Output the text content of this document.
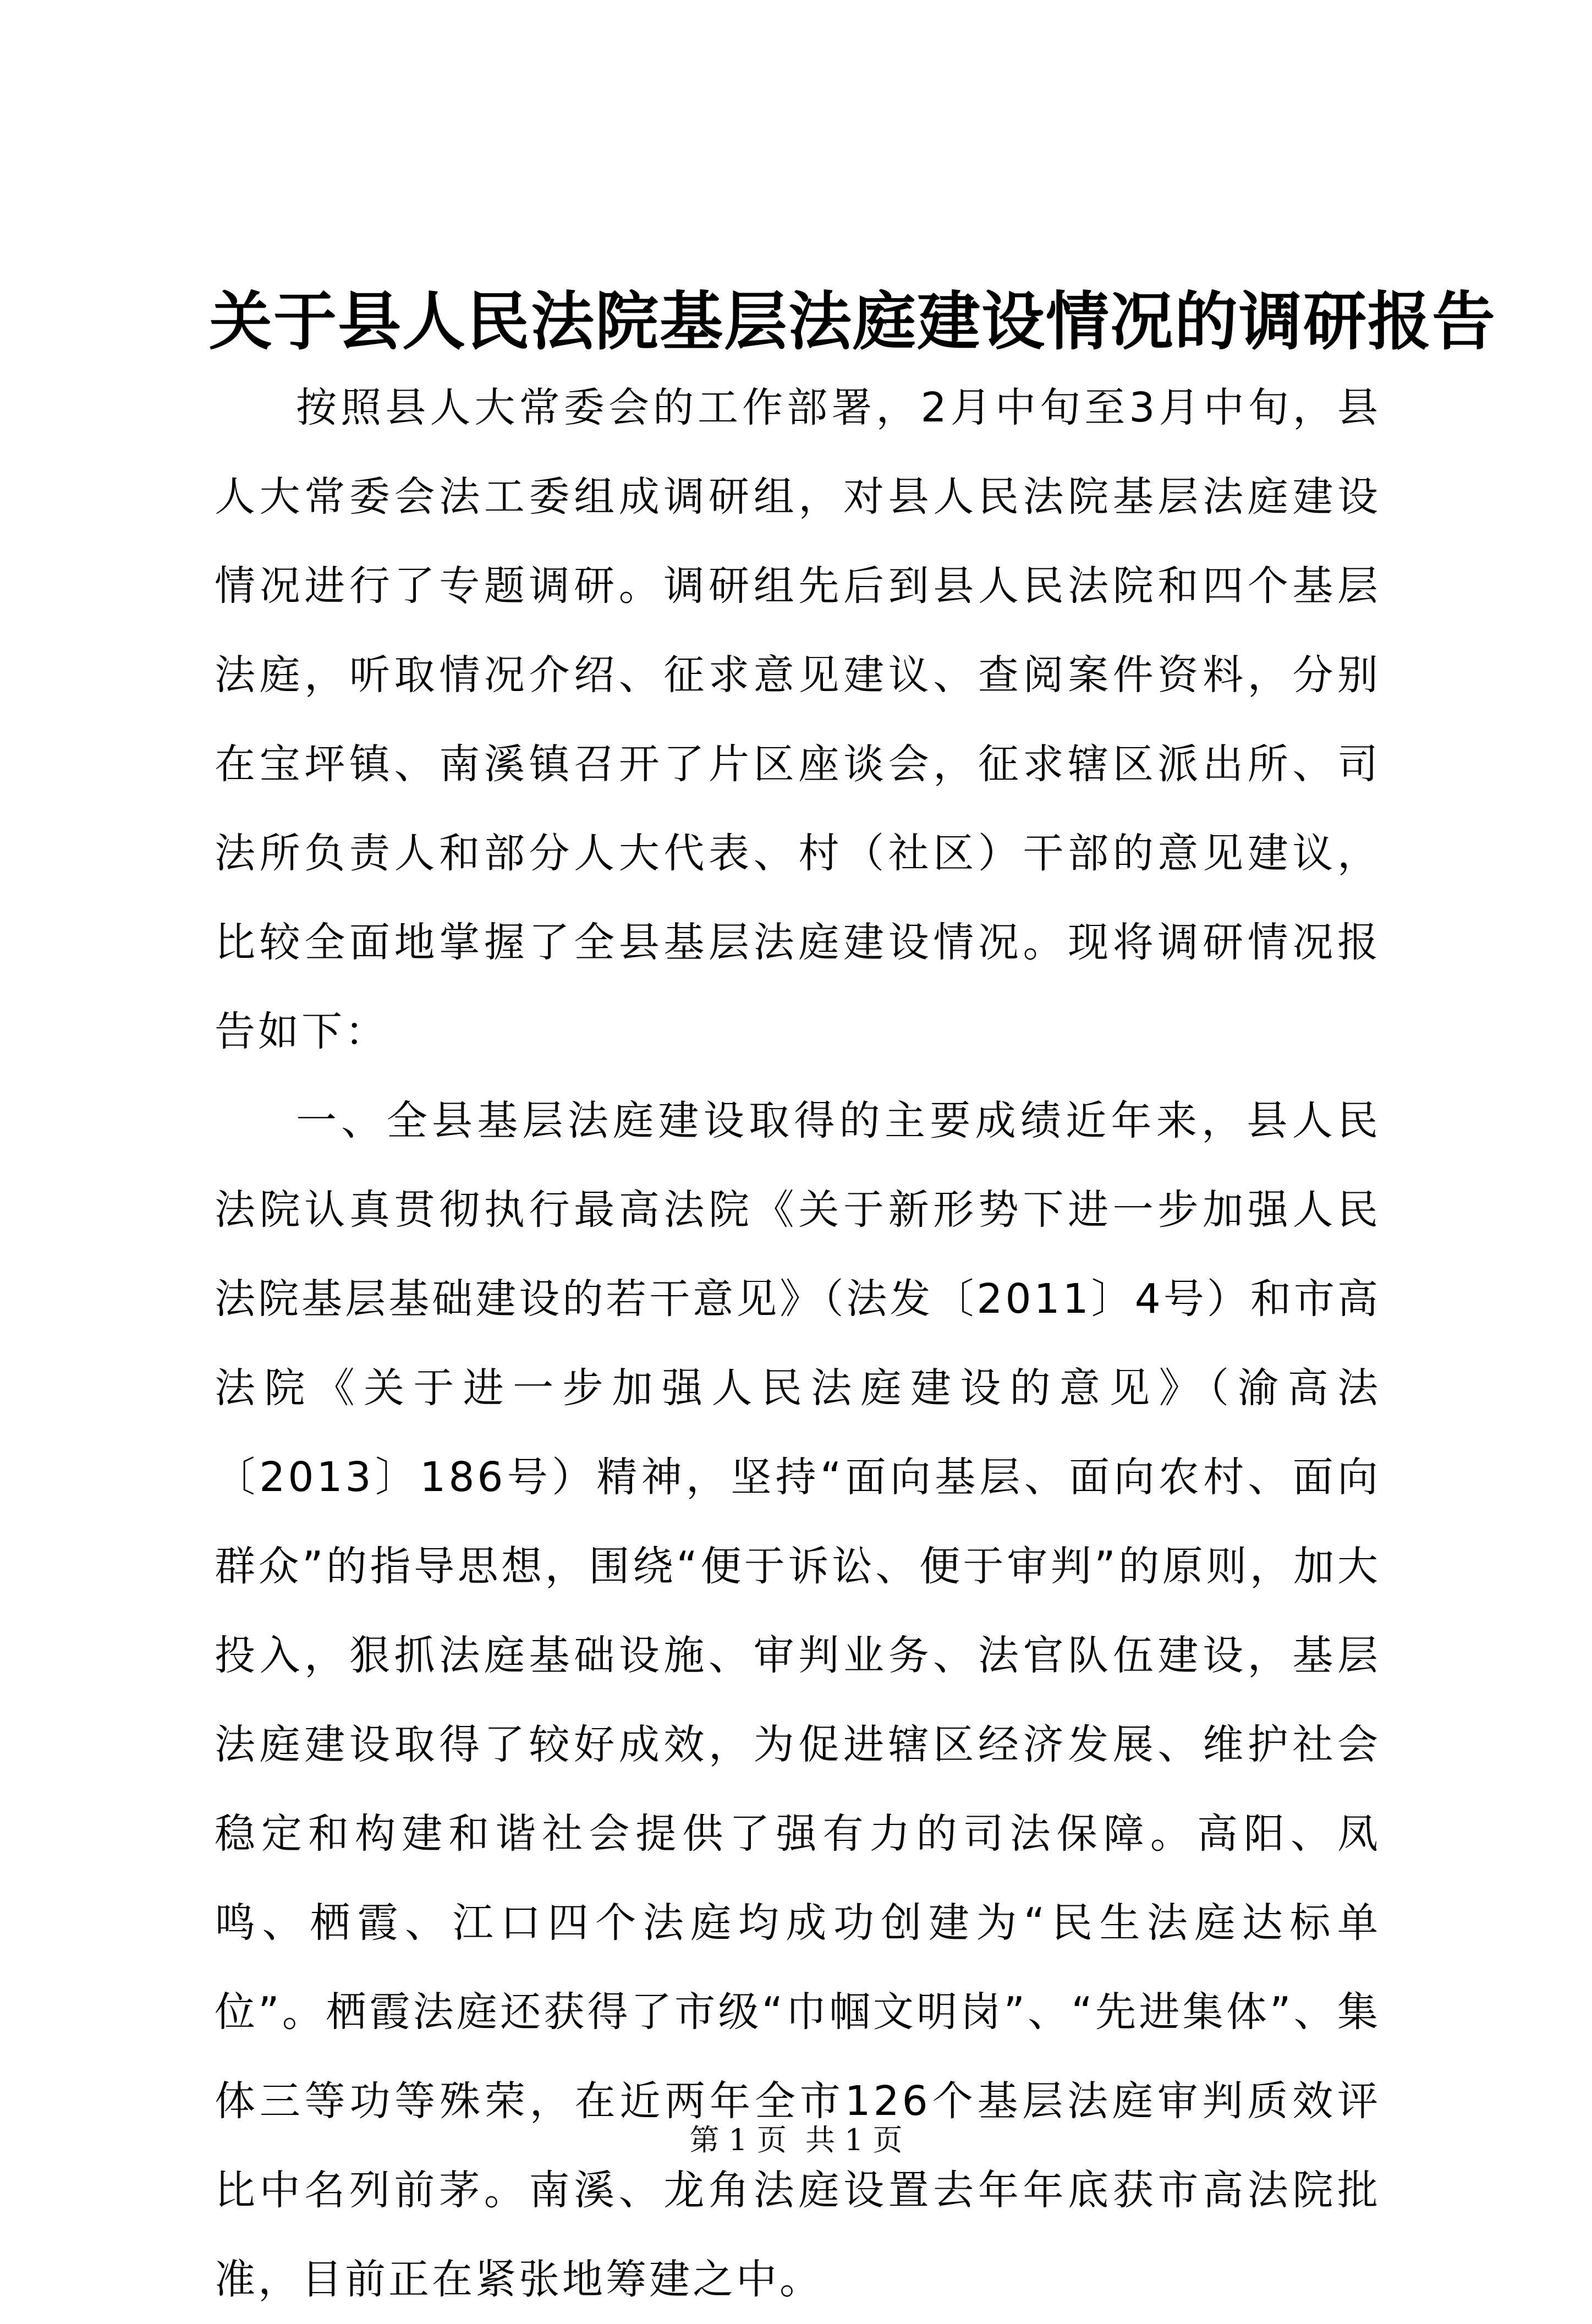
关于县人民法院基层法庭建设情况的调研报告

按照县人大常委会的工作部署，2月中旬至3月中旬，县人大常委会法工委组成调研组，对县人民法院基层法庭建设情况进行了专题调研。调研组先后到县人民法院和四个基层法庭，听取情况介绍、征求意见建议、查阅案件资料，分别在宝坪镇、南溪镇召开了片区座谈会，征求辖区派出所、司法所负责人和部分人大代表、村（社区）干部的意见建议，比较全面地掌握了全县基层法庭建设情况。现将调研情况报告如下：

一、全县基层法庭建设取得的主要成绩近年来，县人民法院认真贯彻执行最高法院《关于新形势下进一步加强人民法院基层基础建设的若干意见》（法发〔2011〕4号）和市高法院《关于进一步加强人民法庭建设的意见》（渝高法〔2013〕186号）精神，坚持“面向基层、面向农村、面向群众”的指导思想，围绕“便于诉讼、便于审判”的原则，加大投入，狠抓法庭基础设施、审判业务、法官队伍建设，基层法庭建设取得了较好成效，为促进辖区经济发展、维护社会稳定和构建和谐社会提供了强有力的司法保障。高阳、凤鸣、栖霞、江口四个法庭均成功创建为“民生法庭达标单位”。栖霞法庭还获得了市级“巾帼文明岗”、“先进集体”、集体三等功等殊荣，在近两年全市126个基层法庭审判质效评比中名列前茅。南溪、龙角法庭设置去年年底获市高法院批准，目前正在紧张地筹建之中。

第 1 页 共 1 页
